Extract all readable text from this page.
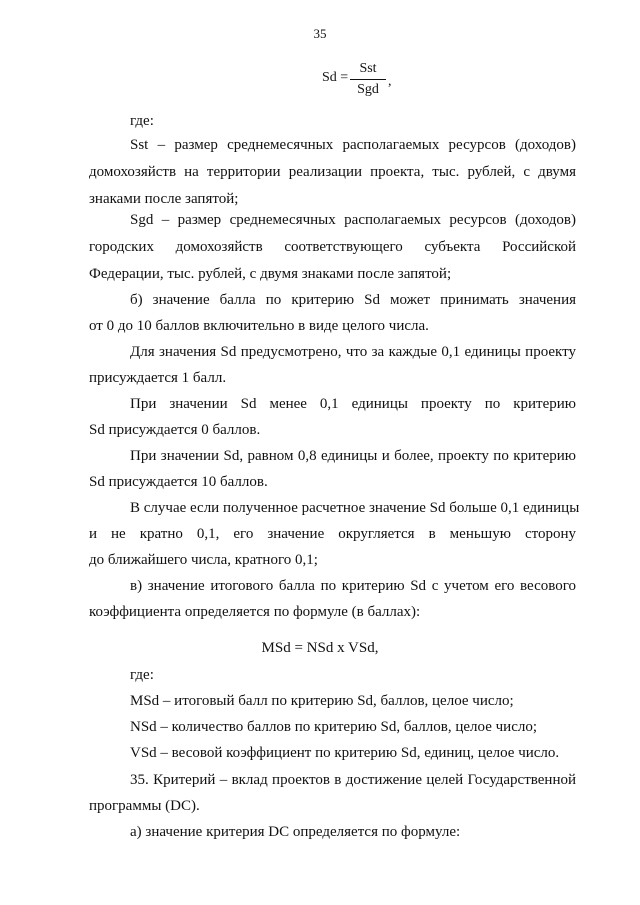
35
Sd =
Sst
Sgd
,
где:
Sst – размер среднемесячных располагаемых ресурсов (доходов)
домохозяйств на территории реализации проекта, тыс. рублей, с двумя
знаками после запятой;
Sgd – размер среднемесячных располагаемых ресурсов (доходов)
городских домохозяйств соответствующего субъекта Российской
Федерации, тыс. рублей, с двумя знаками после запятой;
б) значение балла по критерию Sd может принимать значения
от 0 до 10 баллов включительно в виде целого числа.
Для значения Sd предусмотрено, что за каждые 0,1 единицы проекту
присуждается 1 балл.
При значении Sd менее 0,1 единицы проекту по критерию
Sd присуждается 0 баллов.
При значении Sd, равном 0,8 единицы и более, проекту по критерию
Sd присуждается 10 баллов.
В случае если полученное расчетное значение Sd больше 0,1 единицы
и не кратно 0,1, его значение округляется в меньшую сторону
до ближайшего числа, кратного 0,1;
в) значение итогового балла по критерию Sd с учетом его весового
коэффициента определяется по формуле (в баллах):
MSd = NSd x VSd,
где:
MSd – итоговый балл по критерию Sd, баллов, целое число;
NSd – количество баллов по критерию Sd, баллов, целое число;
VSd – весовой коэффициент по критерию Sd, единиц, целое число.
35. Критерий – вклад проектов в достижение целей Государственной
программы (DC).
а) значение критерия DC определяется по формуле:
